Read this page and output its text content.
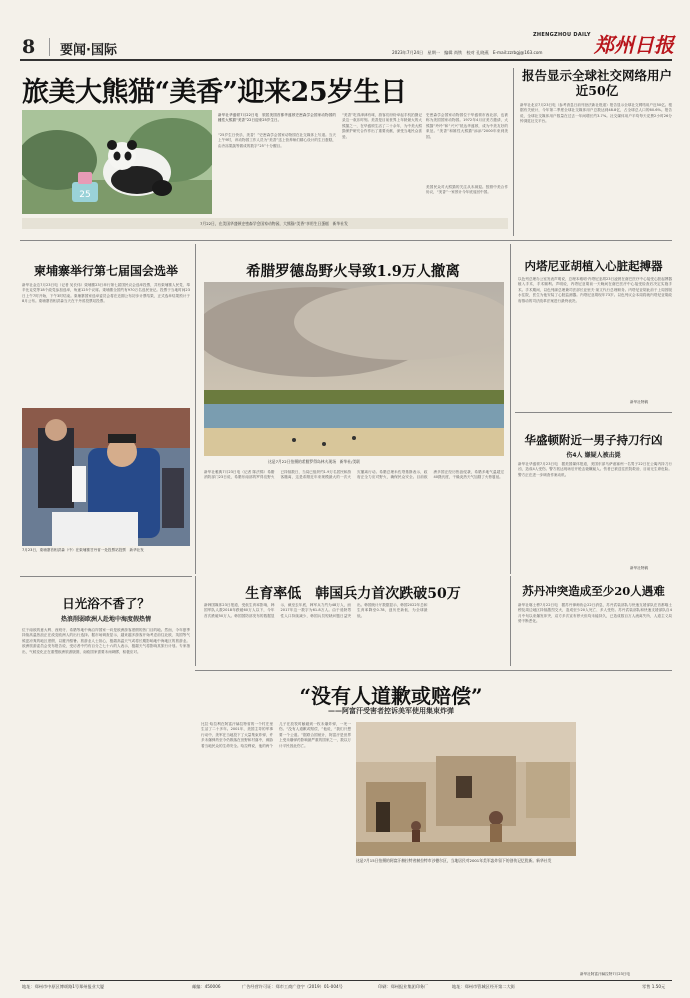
8 要闻·国际
ZHENGZHOU DAILY 郑州日报
2023年7月24日　星期一　编辑 尚铁　校对 孔晓燕　E-mail:zzrbgj@163.com
旅美大熊猫“美香”迎来25岁生日
25
新华社华盛顿7月22日电　旅居美国首都华盛顿史密森学会国家动物园的雌性大熊猫“美香”22日迎来25岁生日。
“25岁生日快乐，美香！”史密森学会国家动物园在社交媒体上写道。当天上午9时，该动物园工作人员为“美香”送上营养师们精心设计的生日蛋糕，由冷冻果蔬等做成的数字“25”十分醒目。
“美香”吃得津津有味，游客们纷纷举起手机拍摄记录这一欢乐时刻。美香是目前世界上年龄最大的大熊猫之一，在华盛顿生活了二十余年，为中美大熊猫保护研究合作作出了重要贡献，深受当地民众喜爱。
史密森学会国家动物园位于华盛顿市西北部，也被称为美国国家动物园。1972年4月应美方邀请，大熊猫“玲玲”和“兴兴”抵达华盛顿，成为中美友好的象征。“美香”和雄性大熊猫“添添”2000年来到美国。
美国民众对大熊猫的关注从未减退。按照中美合作协议，“美香”一家预计今年底返回中国。
7月22日，在美国华盛顿史密森学会国家动物园，大熊猫“美香”享用生日蛋糕　新华社发
报告显示全球社交网络用户近50亿
新华社北京7月23日电（参考消息日前刊登法新社报道）报告显示全球社交网络用户近50亿。根据有关统计，今年第二季度全球社交媒体用户总数达到48.8亿，占全球总人口的60.6%。报告说，全球社交媒体用户数量在过去一年间增长约3.7%。社交媒体用户平均每天花费2小时26分钟浏览社交平台。
柬埔寨举行第七届国会选举
新华社金边7月23日电（记者 吴长伟）柬埔寨23日举行第七届国民议会选举投票，共有柬埔寨人民党、奉辛比克党等18个政党参加选举，角逐125个议席。柬埔寨全国约有970万名选民登记。投票于当地时间23日上午7时开始，下午3时结束。柬埔寨国家选举委员会将在近期公布初步计票结果，正式选举结果预计于8月公布。柬埔寨首相洪森当天在干丹省投票站投票。
7月23日，柬埔寨首相洪森（中）在柬埔寨甘丹省一处投票站投票　新华社发
希腊罗德岛野火导致1.9万人撤离
这是7月22日拍摄的希腊罗得岛林火现场　新华社/美联
新华社雅典7月23日电（记者 陈法锦）希腊消防部门23日说，希腊东南部的罗得岛野火已持续数日，当局已组织约1.9万名居民和游客撤离，这是希腊近年来规模最大的一次火灾撤离行动。希腊总理米佐塔基斯表示，政府正全力应对野火，确保民众安全。目前欧洲多国正经历热浪侵袭，希腊多地气温超过40摄氏度，干燥炎热天气加剧了火势蔓延。
内塔尼亚胡植入心脏起搏器
以色列总理办公室发表声明说，总理本雅明·内塔尼亚胡23日凌晨在谢巴医疗中心接受心脏起搏器植入手术，手术顺利。声明说，内塔尼亚胡前一天晚间在谢巴医疗中心接受检查后决定实施手术。手术期间，以色列副总理兼司法部长亚里夫·莱文代行总理职务。内塔尼亚胡此前于上周因脱水住院，医生为他安装了心脏监测器。内塔尼亚胡现年73岁。以色列议会本周将就内塔尼亚胡政府推动的司法改革法案进行最终表决。
新华社特稿
华盛顿附近一男子持刀行凶
伤4人 嫌疑人被击毙
新华社华盛顿7月23日电　据美国媒体报道，美国东部马萨诸塞州一名男子22日在公寓内持刀行凶，造成4人受伤。警方抵达现场后开枪击毙嫌疑人。伤者已被送往医院救治，目前无生命危险。警方正在进一步调查作案动机。
新华社特稿
日光浴不香了？
热浪削弱欧洲人赴地中海度假热情
位于南欧的意大利、西班牙、希腊等地中海沿岸国家一向是欧洲游客度假的热门目的地。然而，今年夏季持续高温热浪正在改变欧洲人的出行选择。据市场调查显示，越来越多游客开始考虑前往北欧、英国等气候更凉爽的地区度假，以避开酷暑。旅游业人士担心，极端高温天气或将长期影响地中海地区的旅游业。欧洲旅游委员会发布报告说，受访者中约有百分之七十六的人表示，极端天气将影响其旅行计划。专家指出，气候变化正在重塑欧洲旅游版图，南欧国家需要未雨绸缪，积极应对。
生育率低　韩国兵力首次跌破50万
新韩国媒体23日报道，受低生育率影响，韩国军队人数2018年跌破60万人以下，今年首次跌破50万人。韩国国防部发布的数据显示，截至去年底，韩军兵力约为48万人，而2017年这一数字为61.8万人。由于适龄男性人口持续减少，韩国兵员短缺问题日益突出。韩国统计厅数据显示，韩国2022年总和生育率降至0.78，创历史新低，为全球最低。
苏丹冲突造成至少20人遇难
新华社喀土穆7月22日电　据苏丹律师协会22日消息，苏丹武装部队与快速支援部队在首都喀土穆及周边地区持续激烈交火，造成至少20人死亡、多人受伤。苏丹武装部队和快速支援部队自4月中旬以来爆发冲突，双方多次宣布停火但均未能持久，已造成数百万人流离失所，人道主义局势不断恶化。
“没有人道歉或赔偿”
——阿富汗受害者控诉美军使用集束炸弹
这是7月15日拍摄的阿富汗赫拉特省赫拉特市沙德尔区，当地居民对2001年美军轰炸留下的创伤记忆犹新。新华社发
比拉·哈拉利在阿富汗赫拉特省的一个村庄里生活了二十多年。2001年，美国主导的军事行动中，美军在当地投下了大量集束炸弹，许多未爆弹药至今仍散落在田野和村落中，威胁着当地民众的生命安全。哈拉利说，他的两个儿子在放牧时触碰到一枚未爆炸弹，一死一伤。“没有人道歉或赔偿，”他说，“我们只想要一个公道。”据联合国统计，阿富汗是世界上受未爆弹药影响最严重的国家之一，数以万计平民因此伤亡。
新华社阿富汗赫拉特7月23日电
地址：郑州市中原区博颂路1号郑州报业大厦	邮编：450006	广告经营许可证：郑市工商广登字（2019）01-004号	印刷：郑州报业集团印务厂	地址：郑州市管城区经开第二大街	零售 1.50元
